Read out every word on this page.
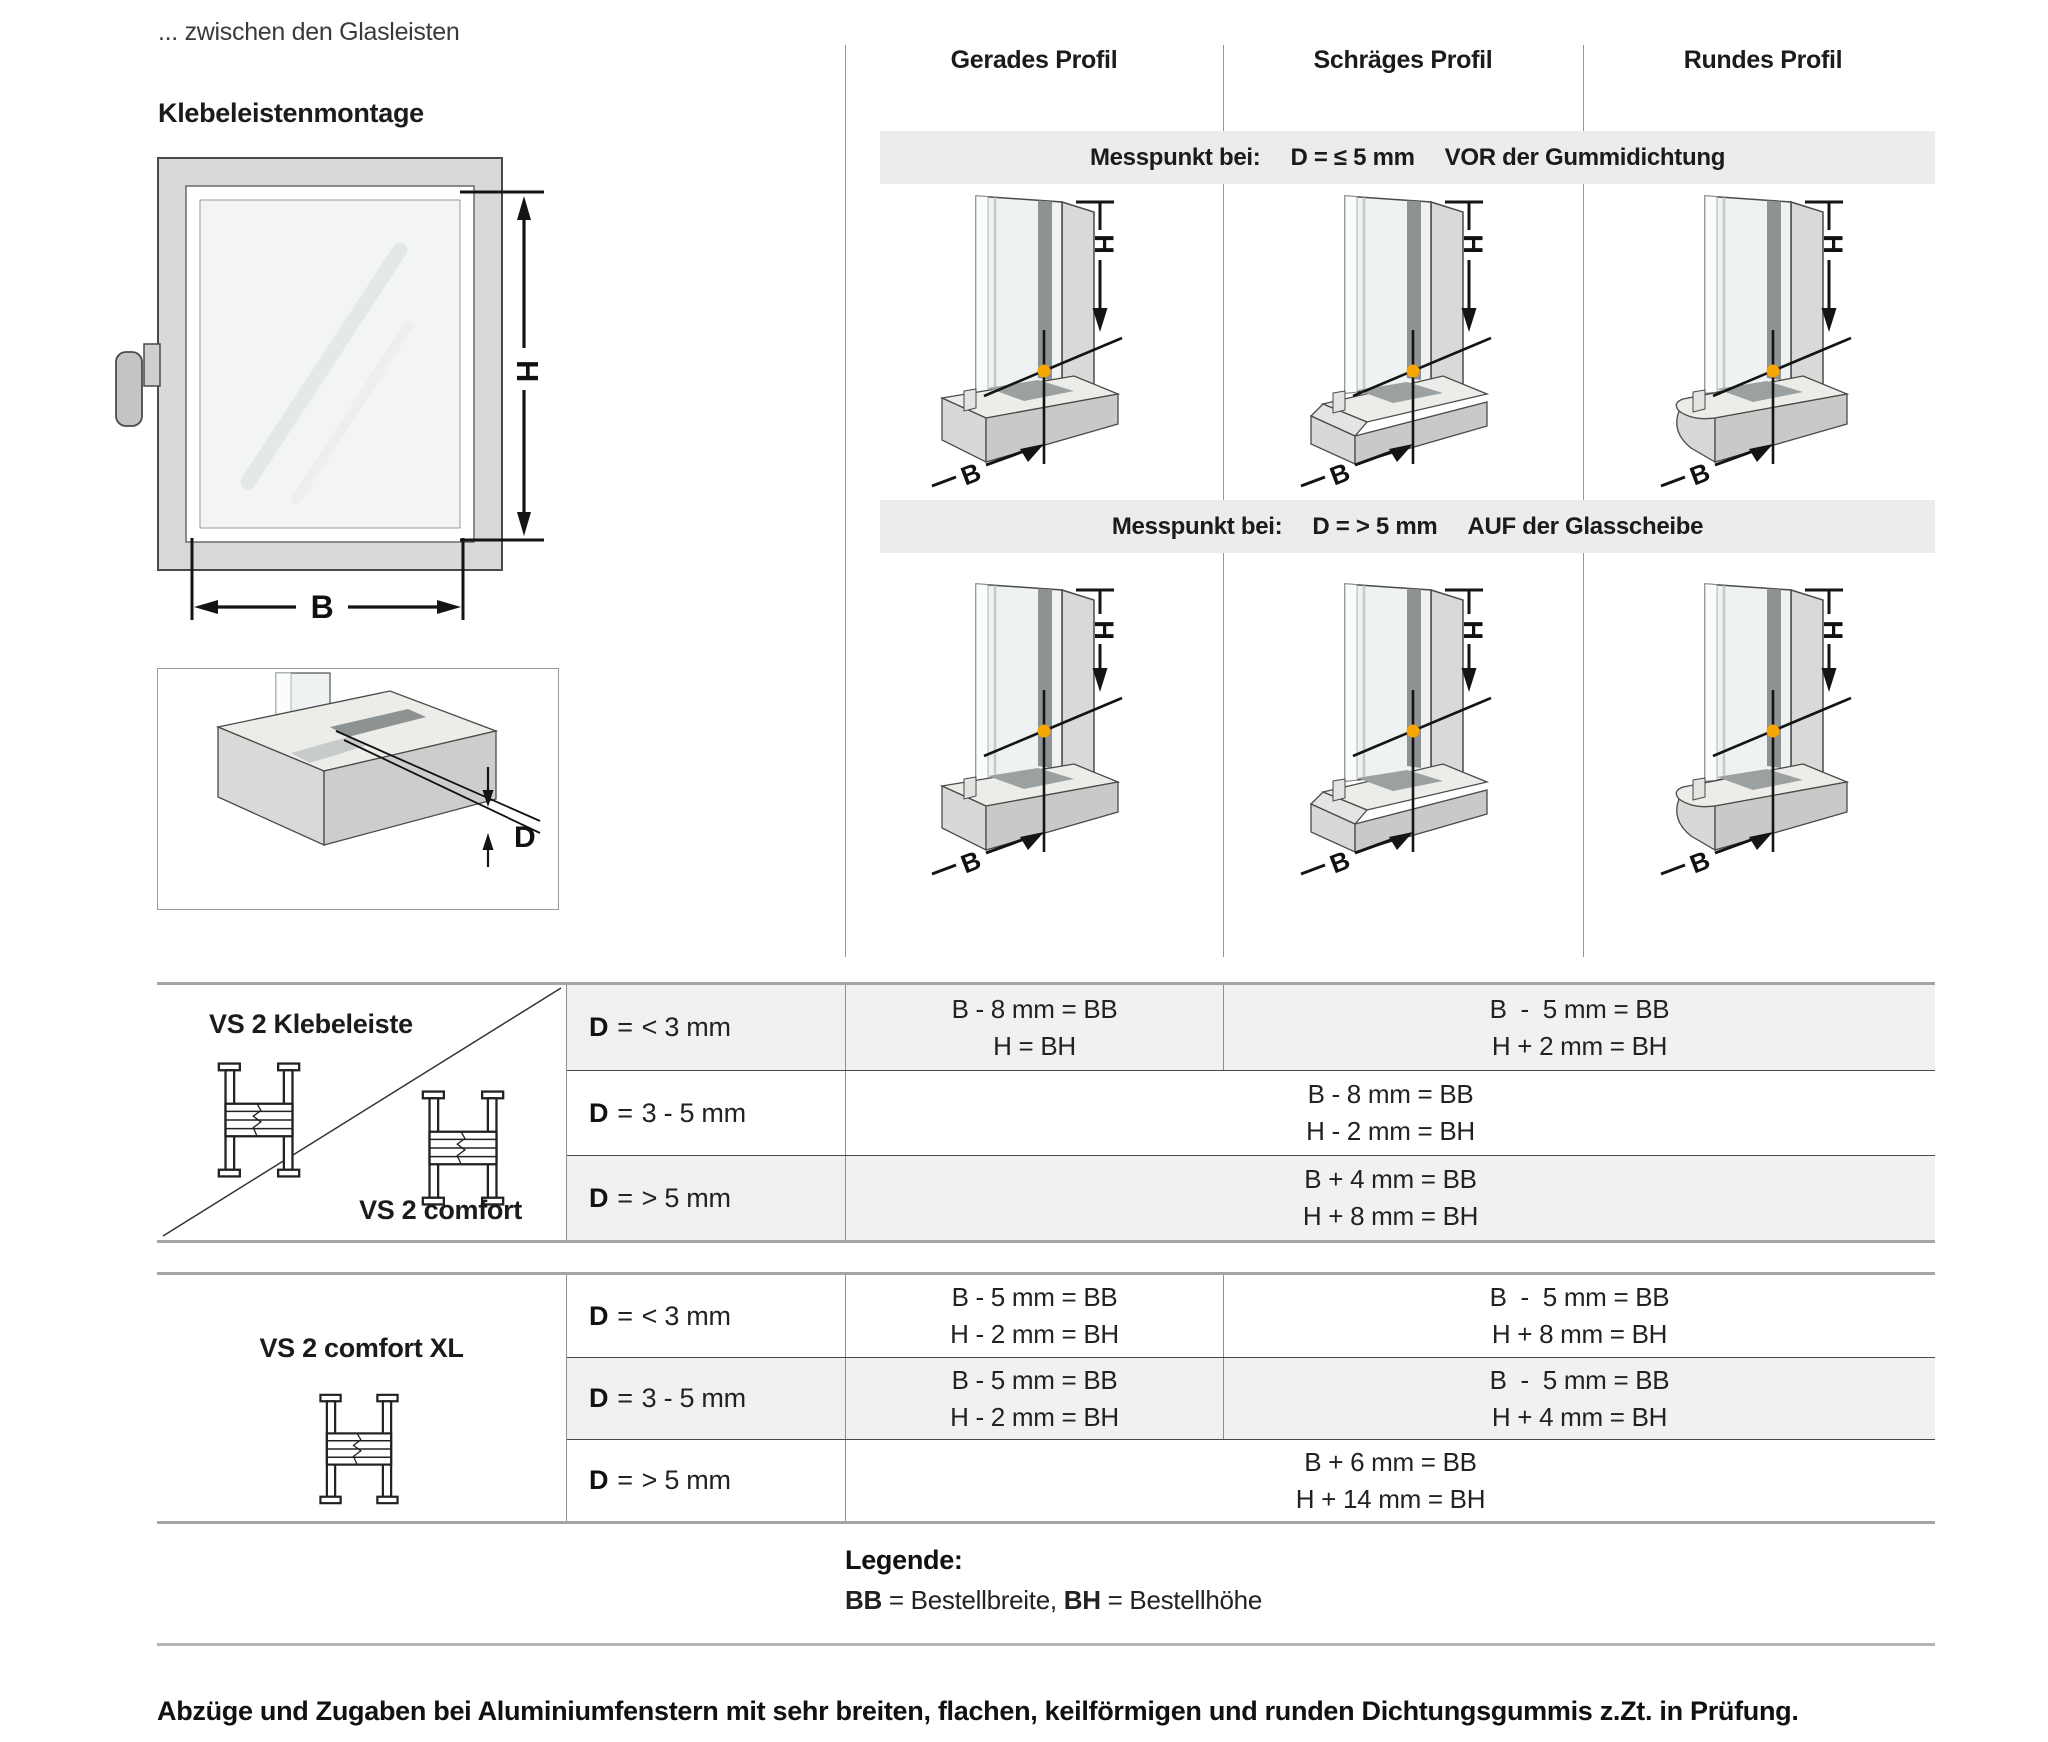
... zwischen den Glasleisten
Klebeleistenmontage
H
B
D
Gerades Profil	Schräges Profil	Rundes Profil
Messpunkt bei: D = ≤ 5 mm VOR der Gummidichtung
Messpunkt bei: D = > 5 mm AUF der Glasscheibe
VS 2 Klebeleiste
VS 2 comfort
D = < 3 mm
B - 8 mm = BB
H = BH
B  -  5 mm = BB
H + 2 mm = BH
D = 3 - 5 mm
B - 8 mm = BB
H - 2 mm = BH
D = > 5 mm
B + 4 mm = BB
H + 8 mm = BH
VS 2 comfort XL
D = < 3 mm
B - 5 mm = BB
H - 2 mm = BH
B  -  5 mm = BB
H + 8 mm = BH
D = 3 - 5 mm
B - 5 mm = BB
H - 2 mm = BH
B  -  5 mm = BB
H + 4 mm = BH
D = > 5 mm
B + 6 mm = BB
H + 14 mm = BH
Legende:
BB = Bestellbreite, BH = Bestellhöhe
Abzüge und Zugaben bei Aluminiumfenstern mit sehr breiten, flachen, keilförmigen und runden Dichtungsgummis z.Zt. in Prüfung.
